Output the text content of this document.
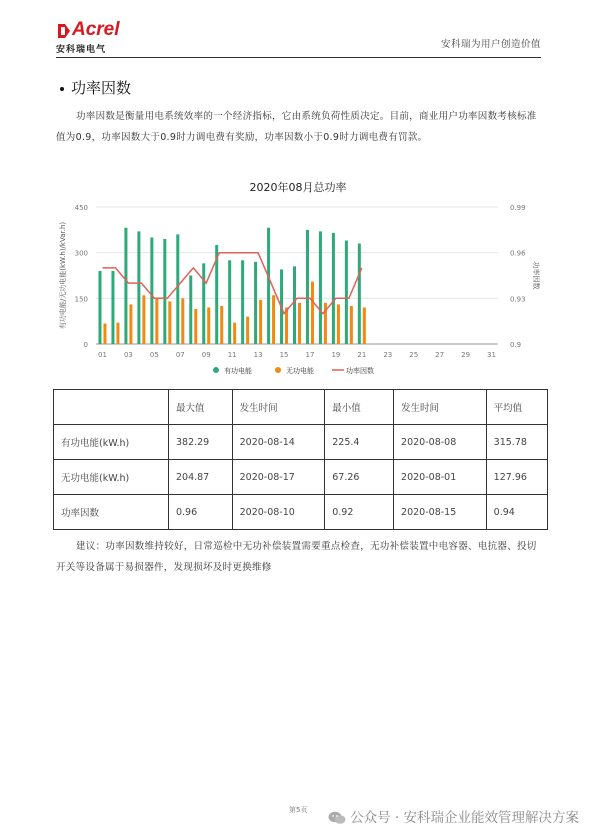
Acrel
安科瑞电气	安科瑞为用户创造价值
功率因数
功率因数是衡量用电系统效率的一个经济指标，它由系统负荷性质决定。目前，商业用户功率因数考核标准值为0.9，功率因数大于0.9时力调电费有奖励，功率因数小于0.9时力调电费有罚款。
2020年08月总功率
0
150
300
450
0.9
0.93
0.96
0.99
有功电能/无功电能(kW.h)/kVar.h)	功率因数
01 03 05 07 09 11 13 15 17 19 21 23 25 27 29 31
有功电能	无功电能	功率因数
	最大值	发生时间	最小值	发生时间	平均值
有功电能(kW.h)	382.29	2020-08-14	225.4	2020-08-08	315.78
无功电能(kW.h)	204.87	2020-08-17	67.26	2020-08-01	127.96
功率因数	0.96	2020-08-10	0.92	2020-08-15	0.94
建议：功率因数维持较好，日常巡检中无功补偿装置需要重点检查，无功补偿装置中电容器、电抗器、投切开关等设备属于易损器件，发现损坏及时更换维修
第5页	公众号 · 安科瑞企业能效管理解决方案
